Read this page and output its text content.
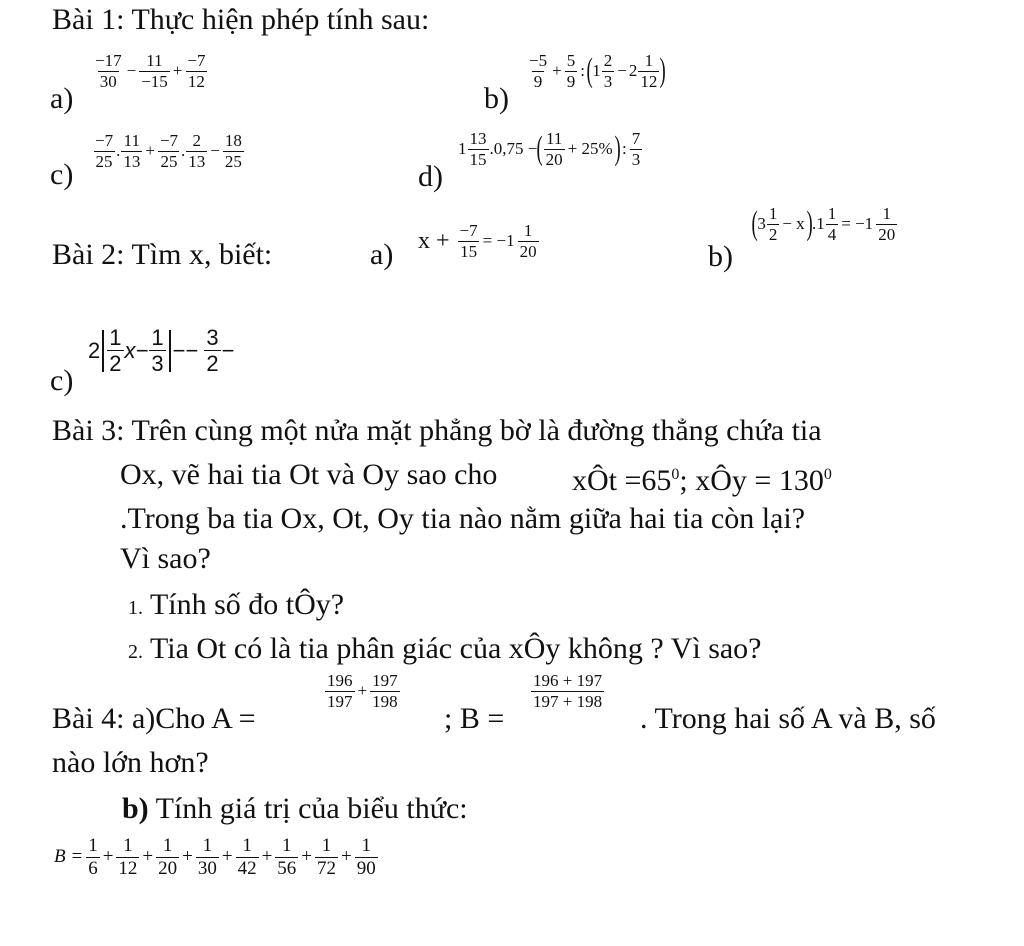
Bài 1: Thực hiện phép tính sau:
a)
$\frac{-17}{30} - \frac{11}{-15} + \frac{-7}{12}$
b)
$\frac{-5}{9} + \frac{5}{9}$ : ( $1 \frac{2}{3} - 2 \frac{1}{12}$ )
c)
$\frac{-7}{25}$ . $\frac{11}{13} + \frac{-7}{25}$ . $\frac{2}{13} - \frac{18}{25}$
d)
$1 \frac{13}{15} .0,75$ − ( $\frac{11}{20} + 25\%$ ) : $\frac{7}{3}$
Bài 2: Tìm x, biết:	a) $x + \frac{-7}{15} = -1 \frac{1}{20}$	b)
( $3 \frac{1}{2} - x$ ) $.1 \frac{1}{4} = -1 \frac{1}{20}$
c)
$2 \frac{1}{2} x- \frac{1}{3} -- \frac{3}{2}$ −
Bài 3: Trên cùng một nửa mặt phẳng bờ là đường thẳng chứa tia
Ox, vẽ hai tia Ot và Oy sao cho xÔt $=65^0$; xÔy = $130^0$
.Trong ba tia Ox, Ot, Oy tia nào nằm giữa hai tia còn lại?
Vì sao?
1. Tính số đo tÔy?
2. Tia Ot có là tia phân giác của xÔy không ? Vì sao?
Bài 4: a)Cho A =
$\frac{196}{197} + \frac{197}{198}$
; B =
$\frac{196 + 197}{197 + 198}$
. Trong hai số A và B, số
nào lớn hơn?
b) Tính giá trị của biểu thức:
$B = \frac{1}{6} + \frac{1}{12} + \frac{1}{20} + \frac{1}{30} + \frac{1}{42} + \frac{1}{56} + \frac{1}{72} + \frac{1}{90}$
